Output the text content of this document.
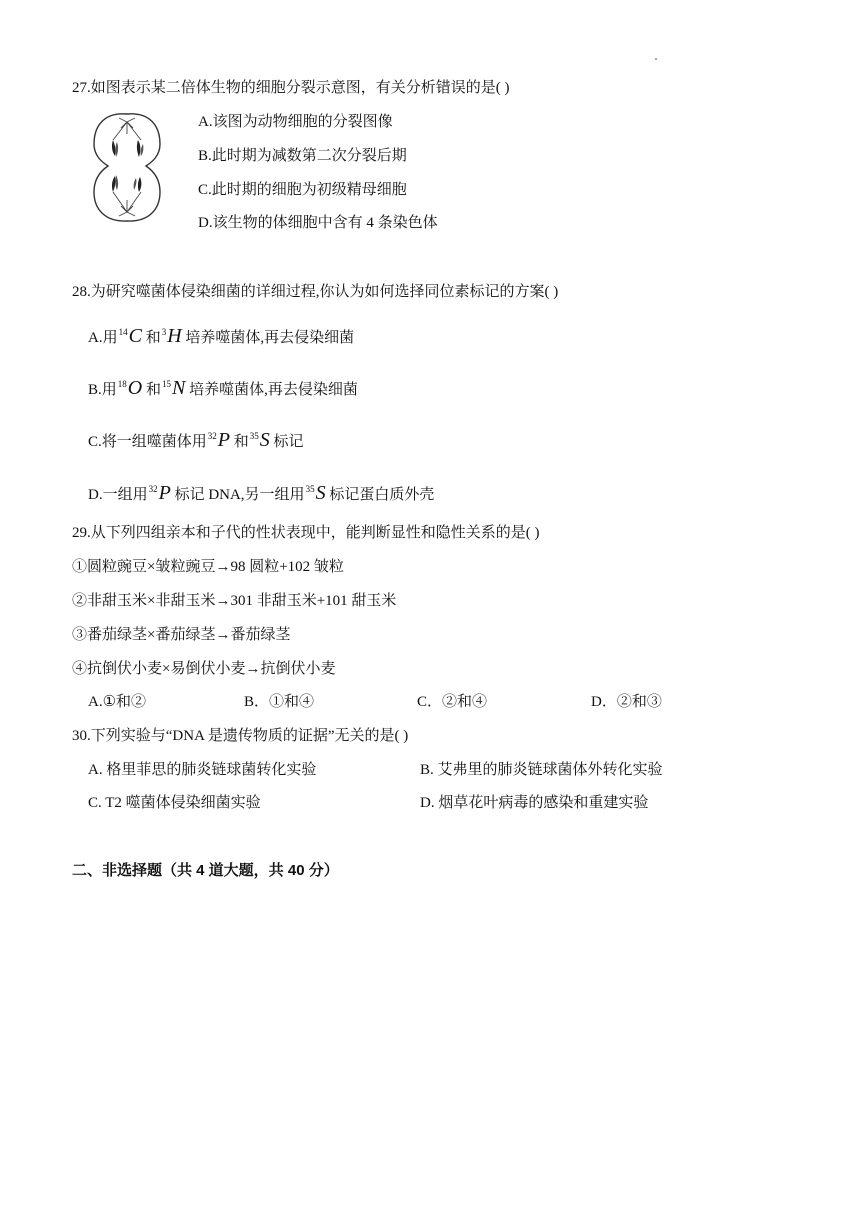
27.如图表示某二倍体生物的细胞分裂示意图，有关分析错误的是( )
A.该图为动物细胞的分裂图像
B.此时期为减数第二次分裂后期
C.此时期的细胞为初级精母细胞
D.该生物的体细胞中含有 4 条染色体
28.为研究噬菌体侵染细菌的详细过程,你认为如何选择同位素标记的方案( )
A.用$^{14}$C 和$^3$H 培养噬菌体,再去侵染细菌
B.用$^{18}$O 和$^{15}$N 培养噬菌体,再去侵染细菌
C.将一组噬菌体用$^{32}$P 和$^{35}$S 标记
D.一组用$^{32}$P 标记 DNA,另一组用$^{35}$S 标记蛋白质外壳
29.从下列四组亲本和子代的性状表现中，能判断显性和隐性关系的是( )
①圆粒豌豆×皱粒豌豆→98 圆粒+102 皱粒
②非甜玉米×非甜玉米→301 非甜玉米+101 甜玉米
③番茄绿茎×番茄绿茎→番茄绿茎
④抗倒伏小麦×易倒伏小麦→抗倒伏小麦
A.①和②	B．①和④	C．②和④	D．②和③
30.下列实验与“DNA 是遗传物质的证据”无关的是( )
A. 格里菲思的肺炎链球菌转化实验	B. 艾弗里的肺炎链球菌体外转化实验
C. T2 噬菌体侵染细菌实验	D. 烟草花叶病毒的感染和重建实验
二、非选择题（共 4 道大题，共 40 分）
